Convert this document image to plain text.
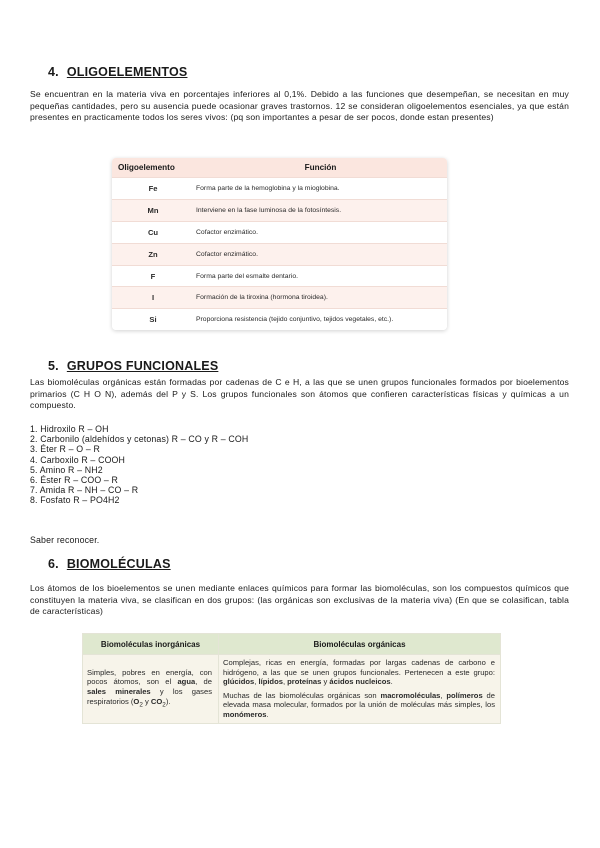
4. OLIGOELEMENTOS
Se encuentran en la materia viva en porcentajes inferiores al 0,1%. Debido a las funciones que desempeñan, se necesitan en muy pequeñas cantidades, pero su ausencia puede ocasionar graves trastornos. 12 se consideran oligoelementos esenciales, ya que están presentes en practicamente todos los seres vivos: (pq son importantes a pesar de ser pocos, donde estan presentes)
Oligoelemento	Función
Fe	Forma parte de la hemoglobina y la mioglobina.
Mn	Interviene en la fase luminosa de la fotosíntesis.
Cu	Cofactor enzimático.
Zn	Cofactor enzimático.
F	Forma parte del esmalte dentario.
I	Formación de la tiroxina (hormona tiroidea).
Si	Proporciona resistencia (tejido conjuntivo, tejidos vegetales, etc.).
5. GRUPOS FUNCIONALES
Las biomoléculas orgánicas están formadas por cadenas de C e H, a las que se unen grupos funcionales formados por bioelementos primarios (C H O N), además del P y S. Los grupos funcionales son átomos que confieren características físicas y químicas a un compuesto.
1. Hidroxilo R – OH
2. Carbonilo (aldehídos y cetonas) R – CO y R – COH
3. Éter R – O – R
4. Carboxilo R – COOH
5. Amino R – NH2
6. Éster R – COO – R
7. Amida R – NH – CO – R
8. Fosfato R – PO4H2
Saber reconocer.
6. BIOMOLÉCULAS
Los átomos de los bioelementos se unen mediante enlaces químicos para formar las biomoléculas, son los compuestos químicos que constituyen la materia viva, se clasifican en dos grupos: (las orgánicas son exclusivas de la materia viva) (En que se colasifican, tabla de características)
Biomoléculas inorgánicas	Biomoléculas orgánicas
Simples, pobres en energía, con pocos átomos, son el agua, de sales minerales y los gases respiratorios ($O_2$ y $CO_2$).	Complejas, ricas en energía, formadas por largas cadenas de carbono e hidrógeno, a las que se unen grupos funcionales. Pertenecen a este grupo: glúcidos, lípidos, proteínas y ácidos nucleicos.

Muchas de las biomoléculas orgánicas son macromoléculas, polímeros de elevada masa molecular, formados por la unión de moléculas más simples, los monómeros.
